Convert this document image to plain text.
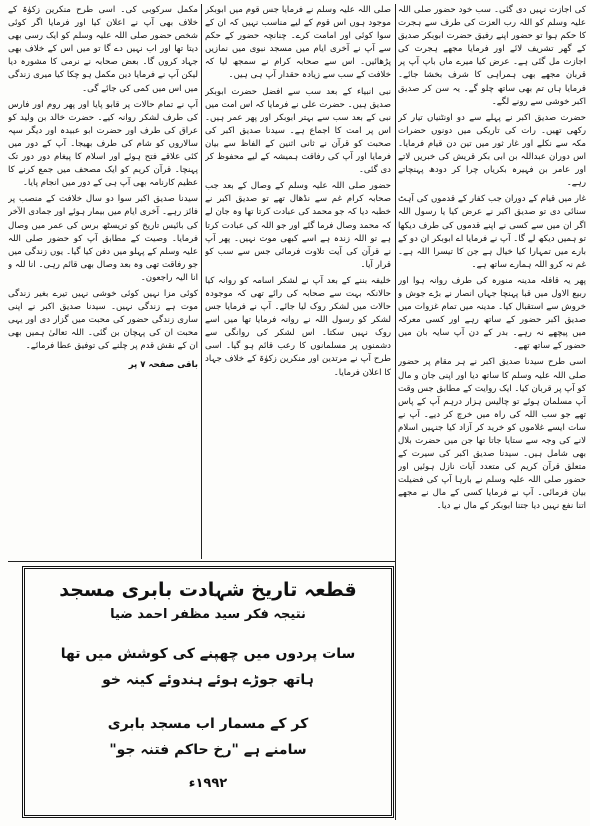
کی اجازت نہیں دی گئی۔ سب خود حضور صلی اللہ علیہ وسلم کو اللہ رب العزت کی طرف سے ہجرت کا حکم ہوا تو حضور اپنے رفیق حضرت ابوبکر صدیق کے گھر تشریف لائے اور فرمایا مجھے ہجرت کی اجازت مل گئی ہے۔ عرض کیا میرے ماں باپ آپ پر قربان مجھے بھی ہمراہی کا شرف بخشا جائے۔ فرمایا ہاں تم بھی ساتھ چلو گے۔ یہ سن کر صدیق اکبر خوشی سے رونے لگے۔

حضرت صدیق اکبر نے پہلے سے دو اونٹنیاں تیار کر رکھی تھیں۔ رات کی تاریکی میں دونوں حضرات مکہ سے نکلے اور غار ثور میں تین دن قیام فرمایا۔ اس دوران عبداللہ بن ابی بکر قریش کی خبریں لاتے اور عامر بن فہیرہ بکریاں چرا کر دودھ پہنچاتے رہے۔

غار میں قیام کے دوران جب کفار کے قدموں کی آہٹ سنائی دی تو صدیق اکبر نے عرض کیا یا رسول اللہ اگر ان میں سے کسی نے اپنے قدموں کی طرف دیکھا تو ہمیں دیکھ لے گا۔ آپ نے فرمایا اے ابوبکر ان دو کے بارے میں تمہارا کیا خیال ہے جن کا تیسرا اللہ ہے۔ غم نہ کرو اللہ ہمارے ساتھ ہے۔

پھر یہ قافلہ مدینہ منورہ کی طرف روانہ ہوا اور ربیع الاول میں قبا پہنچا جہاں انصار نے بڑے جوش و خروش سے استقبال کیا۔ مدینہ میں تمام غزوات میں صدیق اکبر حضور کے ساتھ رہے اور کسی معرکہ میں پیچھے نہ رہے۔ بدر کے دن آپ سایہ بان میں حضور کے ساتھ تھے۔

اسی طرح سیدنا صدیق اکبر نے ہر مقام پر حضور صلی اللہ علیہ وسلم کا ساتھ دیا اور اپنی جان و مال کو آپ پر قربان کیا۔ ایک روایت کے مطابق جس وقت آپ مسلمان ہوئے تو چالیس ہزار درہم آپ کے پاس تھے جو سب اللہ کی راہ میں خرچ کر دیے۔ آپ نے سات ایسے غلاموں کو خرید کر آزاد کیا جنہیں اسلام لانے کی وجہ سے ستایا جاتا تھا جن میں حضرت بلال بھی شامل ہیں۔ سیدنا صدیق اکبر کی سیرت کے متعلق قرآن کریم کی متعدد آیات نازل ہوئیں اور حضور صلی اللہ علیہ وسلم نے بارہا آپ کی فضیلت بیان فرمائی۔ آپ نے فرمایا کسی کے مال نے مجھے اتنا نفع نہیں دیا جتنا ابوبکر کے مال نے دیا۔

صلی اللہ علیہ وسلم نے فرمایا جس قوم میں ابوبکر موجود ہوں اس قوم کے لیے مناسب نہیں کہ ان کے سوا کوئی اور امامت کرے۔ چنانچہ حضور کے حکم سے آپ نے آخری ایام میں مسجد نبوی میں نمازیں پڑھائیں۔ اس سے صحابہ کرام نے سمجھ لیا کہ خلافت کے سب سے زیادہ حقدار آپ ہی ہیں۔

نبی انبیاء کے بعد سب سے افضل حضرت ابوبکر صدیق ہیں۔ حضرت علی نے فرمایا کہ اس امت میں نبی کے بعد سب سے بہتر ابوبکر اور پھر عمر ہیں۔ اس پر امت کا اجماع ہے۔ سیدنا صدیق اکبر کی صحبت کو قرآن نے ثانی اثنین کے الفاظ سے بیان فرمایا اور آپ کی رفاقت ہمیشہ کے لیے محفوظ کر دی گئی۔

حضور صلی اللہ علیہ وسلم کے وصال کے بعد جب صحابہ کرام غم سے نڈھال تھے تو صدیق اکبر نے خطبہ دیا کہ جو محمد کی عبادت کرتا تھا وہ جان لے کہ محمد وصال فرما گئے اور جو اللہ کی عبادت کرتا ہے تو اللہ زندہ ہے اسے کبھی موت نہیں۔ پھر آپ نے قرآن کی آیت تلاوت فرمائی جس سے سب کو قرار آیا۔

خلیفہ بننے کے بعد آپ نے لشکر اسامہ کو روانہ کیا حالانکہ بہت سے صحابہ کی رائے تھی کہ موجودہ حالات میں لشکر روک لیا جائے۔ آپ نے فرمایا جس لشکر کو رسول اللہ نے روانہ فرمایا تھا میں اسے روک نہیں سکتا۔ اس لشکر کی روانگی سے دشمنوں پر مسلمانوں کا رعب قائم ہو گیا۔ اسی طرح آپ نے مرتدین اور منکرین زکوٰۃ کے خلاف جہاد کا اعلان فرمایا۔

مکمل سرکوبی کی۔ اسی طرح منکرین زکوٰۃ کے خلاف بھی آپ نے اعلان کیا اور فرمایا اگر کوئی شخص حضور صلی اللہ علیہ وسلم کو ایک رسی بھی دیتا تھا اور اب نہیں دے گا تو میں اس کے خلاف بھی جہاد کروں گا۔ بعض صحابہ نے نرمی کا مشورہ دیا لیکن آپ نے فرمایا دین مکمل ہو چکا کیا میری زندگی میں اس میں کمی کی جائے گی۔

آپ نے تمام حالات پر قابو پایا اور پھر روم اور فارس کی طرف لشکر روانہ کیے۔ حضرت خالد بن ولید کو عراق کی طرف اور حضرت ابو عبیدہ اور دیگر سپہ سالاروں کو شام کی طرف بھیجا۔ آپ کے دور میں کئی علاقے فتح ہوئے اور اسلام کا پیغام دور دور تک پہنچا۔ قرآن کریم کو ایک مصحف میں جمع کرنے کا عظیم کارنامہ بھی آپ ہی کے دور میں انجام پایا۔

سیدنا صدیق اکبر سوا دو سال خلافت کے منصب پر فائز رہے۔ آخری ایام میں بیمار ہوئے اور جمادی الآخر کی بائیس تاریخ کو تریسٹھ برس کی عمر میں وصال فرمایا۔ وصیت کے مطابق آپ کو حضور صلی اللہ علیہ وسلم کے پہلو میں دفن کیا گیا۔ یوں زندگی میں جو رفاقت تھی وہ بعد وصال بھی قائم رہی۔ انا للہ و انا الیہ راجعون۔

کوئی مزا نہیں کوئی خوشی نہیں تیرے بغیر زندگی موت ہے زندگی نہیں۔ سیدنا صدیق اکبر نے اپنی ساری زندگی حضور کی محبت میں گزار دی اور یہی محبت ان کی پہچان بن گئی۔ اللہ تعالیٰ ہمیں بھی ان کے نقش قدم پر چلنے کی توفیق عطا فرمائے۔

باقی صفحہ ۷ پر
قطعہ تاریخ شہادت بابری مسجد
نتیجہ فکر سید مظفر احمد ضیا
سات پردوں میں چھپنے کی کوشش میں تھا
ہاتھ جوڑے ہوئے ہندوئے کینہ خو
کر کے مسمار اب مسجد بابری
سامنے ہے "رخ حاکم فتنہ جو"
۱۹۹۲ء
